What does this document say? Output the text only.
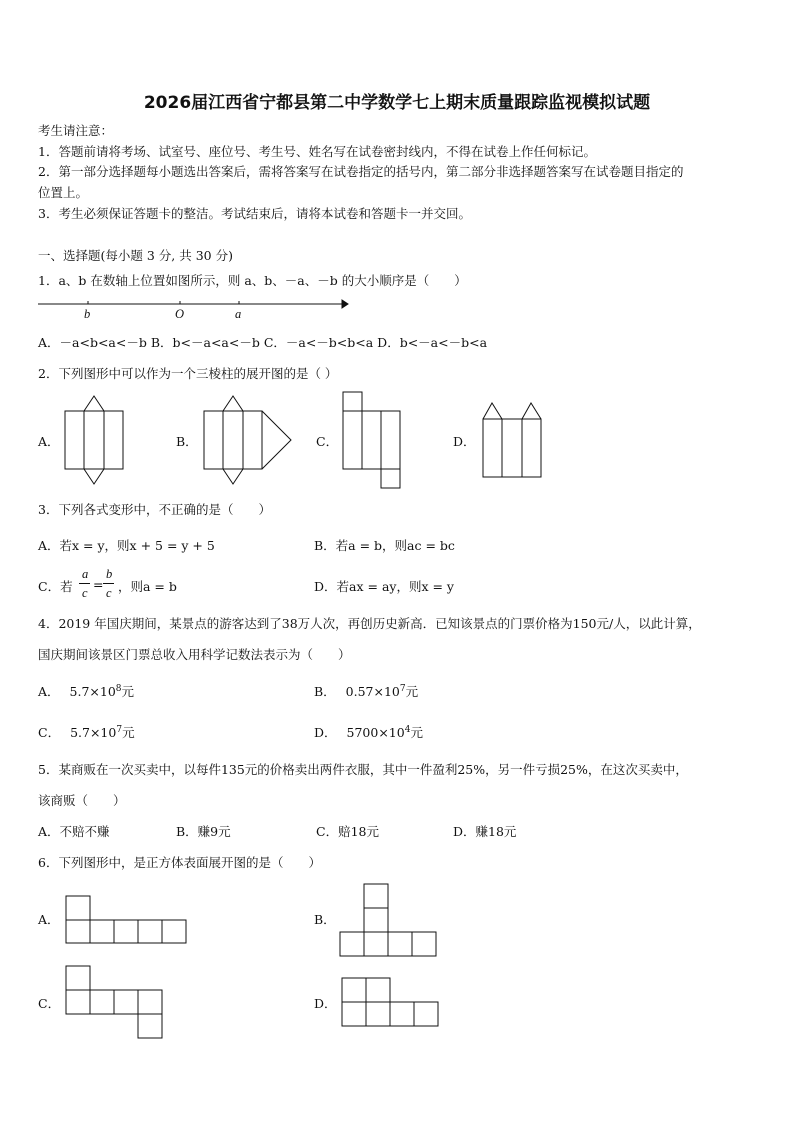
2026届江西省宁都县第二中学数学七上期末质量跟踪监视模拟试题
考生请注意：
1．答题前请将考场、试室号、座位号、考生号、姓名写在试卷密封线内，不得在试卷上作任何标记。
2．第一部分选择题每小题选出答案后，需将答案写在试卷指定的括号内，第二部分非选择题答案写在试卷题目指定的
位置上。
3．考生必须保证答题卡的整洁。考试结束后，请将本试卷和答题卡一并交回。
一、选择题(每小题 3 分, 共 30 分)
1．a、b 在数轴上位置如图所示，则 a、b、－a、－b 的大小顺序是（　　）
b	O	a
A．－a<b<a<－b B．b<－a<a<－b C．－a<－b<b<a D．b<－a<－b<a
2．下列图形中可以作为一个三棱柱的展开图的是（ ）
A．	B．	C．	D．
3．下列各式变形中，不正确的是（　　）
A．若x = y，则x + 5 = y + 5	B．若a = b，则ac = bc
C．若
a
c
=
b
c ，则a = b	D．若ax = ay，则x = y
4．2019 年国庆期间，某景点的游客达到了38万人次，再创历史新高．已知该景点的门票价格为150元/人，以此计算，
国庆期间该景区门票总收入用科学记数法表示为（　　）
A． $5.7\times 10^8$元	B． $0.57\times 10^7$元
C． $5.7\times 10^7$元	D． $5700\times 10^4$元
5．某商贩在一次买卖中，以每件135元的价格卖出两件衣服，其中一件盈利25%，另一件亏损25%，在这次买卖中，
该商贩（　　）
A．不赔不赚	B．赚9元	C．赔18元	D．赚18元
6．下列图形中，是正方体表面展开图的是（　　）
A．	B．
C．	D．
